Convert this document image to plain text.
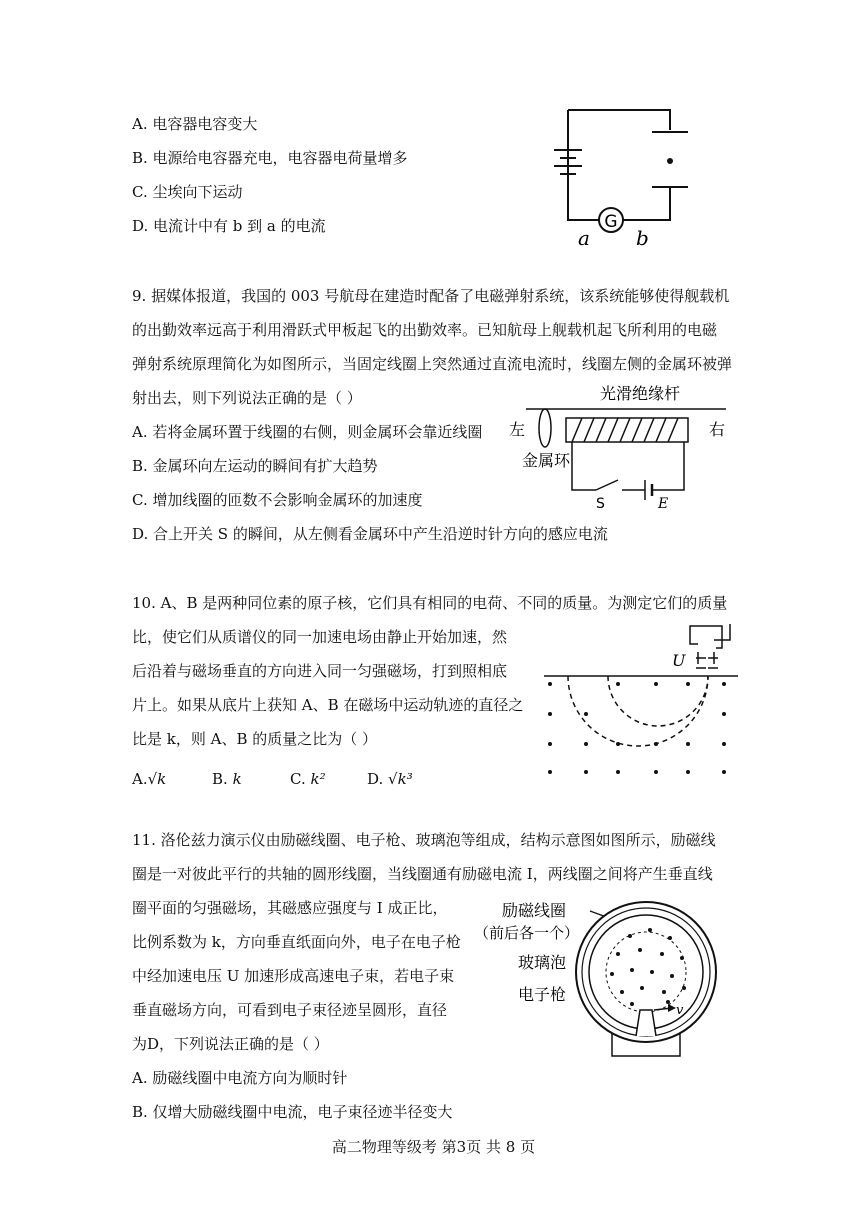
A. 电容器电容变大
B. 电源给电容器充电，电容器电荷量增多
C. 尘埃向下运动
D. 电流计中有 b 到 a 的电流	G
a b
9. 据媒体报道，我国的 003 号航母在建造时配备了电磁弹射系统，该系统能够使得舰载机
的出勤效率远高于利用滑跃式甲板起飞的出勤效率。已知航母上舰载机起飞所利用的电磁
弹射系统原理简化为如图所示，当固定线圈上突然通过直流电流时，线圈左侧的金属环被弹
射出去，则下列说法正确的是（ ）
A. 若将金属环置于线圈的右侧，则金属环会靠近线圈
B. 金属环向左运动的瞬间有扩大趋势
C. 增加线圈的匝数不会影响金属环的加速度
D. 合上开关 S 的瞬间，从左侧看金属环中产生沿逆时针方向的感应电流
光滑绝缘杆
左	右
金属环
S	E
10. A、B 是两种同位素的原子核，它们具有相同的电荷、不同的质量。为测定它们的质量
比，使它们从质谱仪的同一加速电场由静止开始加速，然
后沿着与磁场垂直的方向进入同一匀强磁场，打到照相底
片上。如果从底片上获知 A、B 在磁场中运动轨迹的直径之
比是 k，则 A、B 的质量之比为（ ）
A.√k	B. k	C. k²	D. √k³
U
11. 洛伦兹力演示仪由励磁线圈、电子枪、玻璃泡等组成，结构示意图如图所示，励磁线
圈是一对彼此平行的共轴的圆形线圈，当线圈通有励磁电流 I，两线圈之间将产生垂直线
圈平面的匀强磁场，其磁感应强度与 I 成正比，
比例系数为 k，方向垂直纸面向外，电子在电子枪
中经加速电压 U 加速形成高速电子束，若电子束
垂直磁场方向，可看到电子束径迹呈圆形，直径
为D，下列说法正确的是（ ）
A. 励磁线圈中电流方向为顺时针
B. 仅增大励磁线圈中电流，电子束径迹半径变大
励磁线圈
（前后各一个）
玻璃泡
电子枪
v
高二物理等级考 第3页 共 8 页
